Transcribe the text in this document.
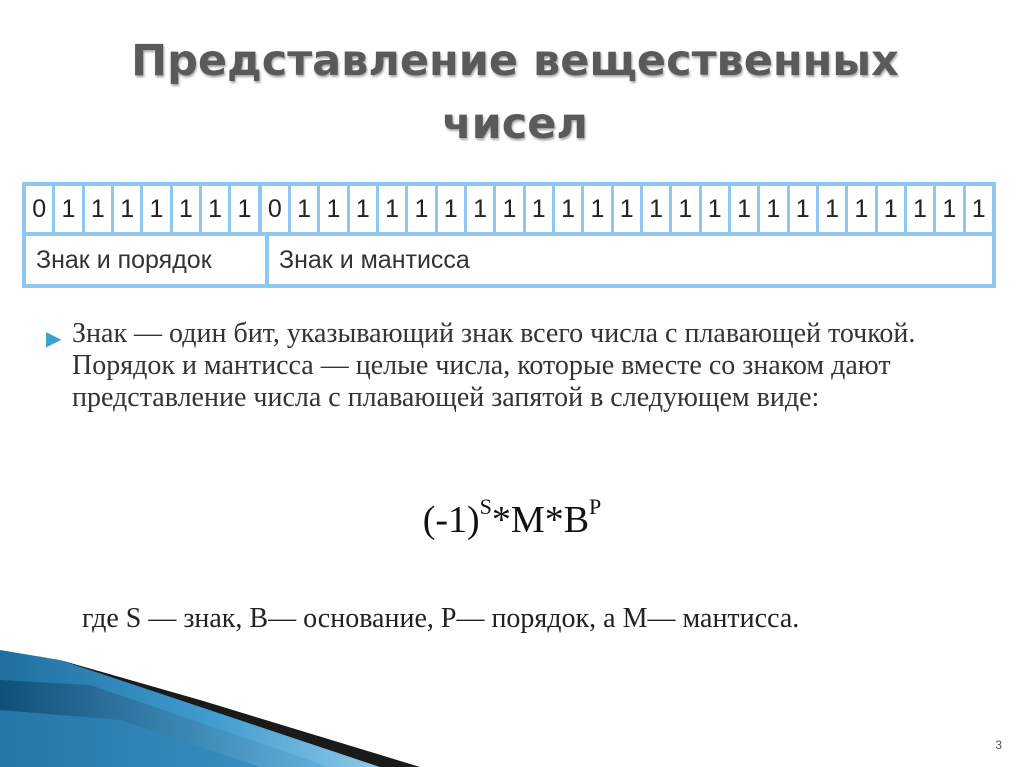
Представление вещественных чисел
0 1 1 1 1 1 1 1 0 1 1 1 1 1 1 1 1 1 1 1 1 1 1 1 1 1 1 1 1 1 1 1 1
Знак и порядок	Знак и мантисса
▶ Знак — один бит, указывающий знак всего числа с плавающей точкой. Порядок и мантисса — целые числа, которые вместе со знаком дают представление числа с плавающей запятой в следующем виде:
$(-1)^S*M*B^P$
где S — знак, B— основание, P— порядок, а M— мантисса.
3
